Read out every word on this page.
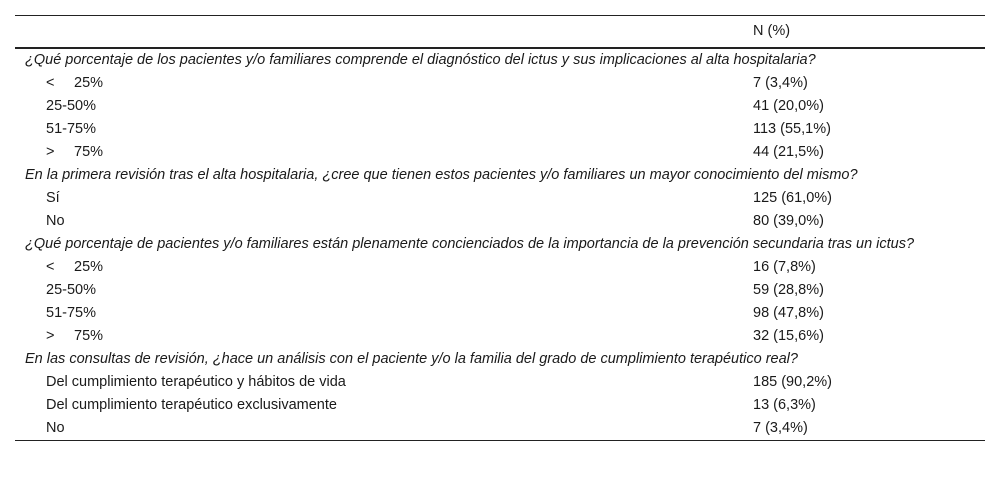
N (%)
¿Qué porcentaje de los pacientes y/o familiares comprende el diagnóstico del ictus y sus implicaciones al alta hospitalaria?
< 25%	7 (3,4%)
25-50%	41 (20,0%)
51-75%	113 (55,1%)
> 75%	44 (21,5%)
En la primera revisión tras el alta hospitalaria, ¿cree que tienen estos pacientes y/o familiares un mayor conocimiento del mismo?
Sí	125 (61,0%)
No	80 (39,0%)
¿Qué porcentaje de pacientes y/o familiares están plenamente concienciados de la importancia de la prevención secundaria tras un ictus?
< 25%	16 (7,8%)
25-50%	59 (28,8%)
51-75%	98 (47,8%)
> 75%	32 (15,6%)
En las consultas de revisión, ¿hace un análisis con el paciente y/o la familia del grado de cumplimiento terapéutico real?
Del cumplimiento terapéutico y hábitos de vida	185 (90,2%)
Del cumplimiento terapéutico exclusivamente	13 (6,3%)
No	7 (3,4%)
